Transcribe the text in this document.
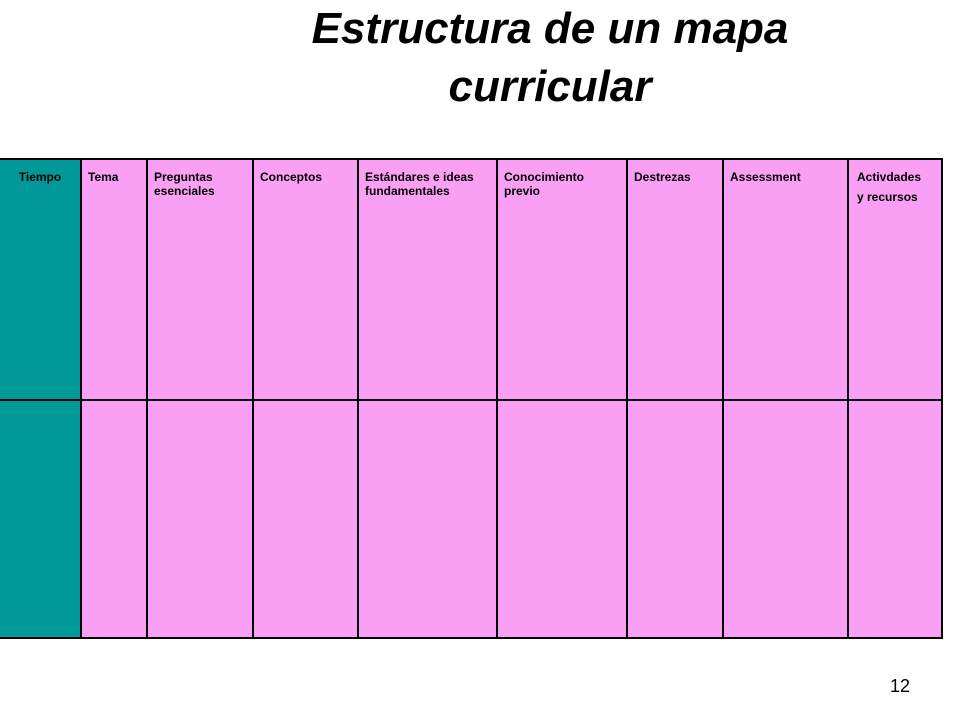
Estructura de un mapa
curricular
Tiempo	Tema	Preguntas esenciales	Conceptos	Estándares e ideas fundamentales	Conocimiento previo	Destrezas	Assessment	Activdades
y recursos

12
